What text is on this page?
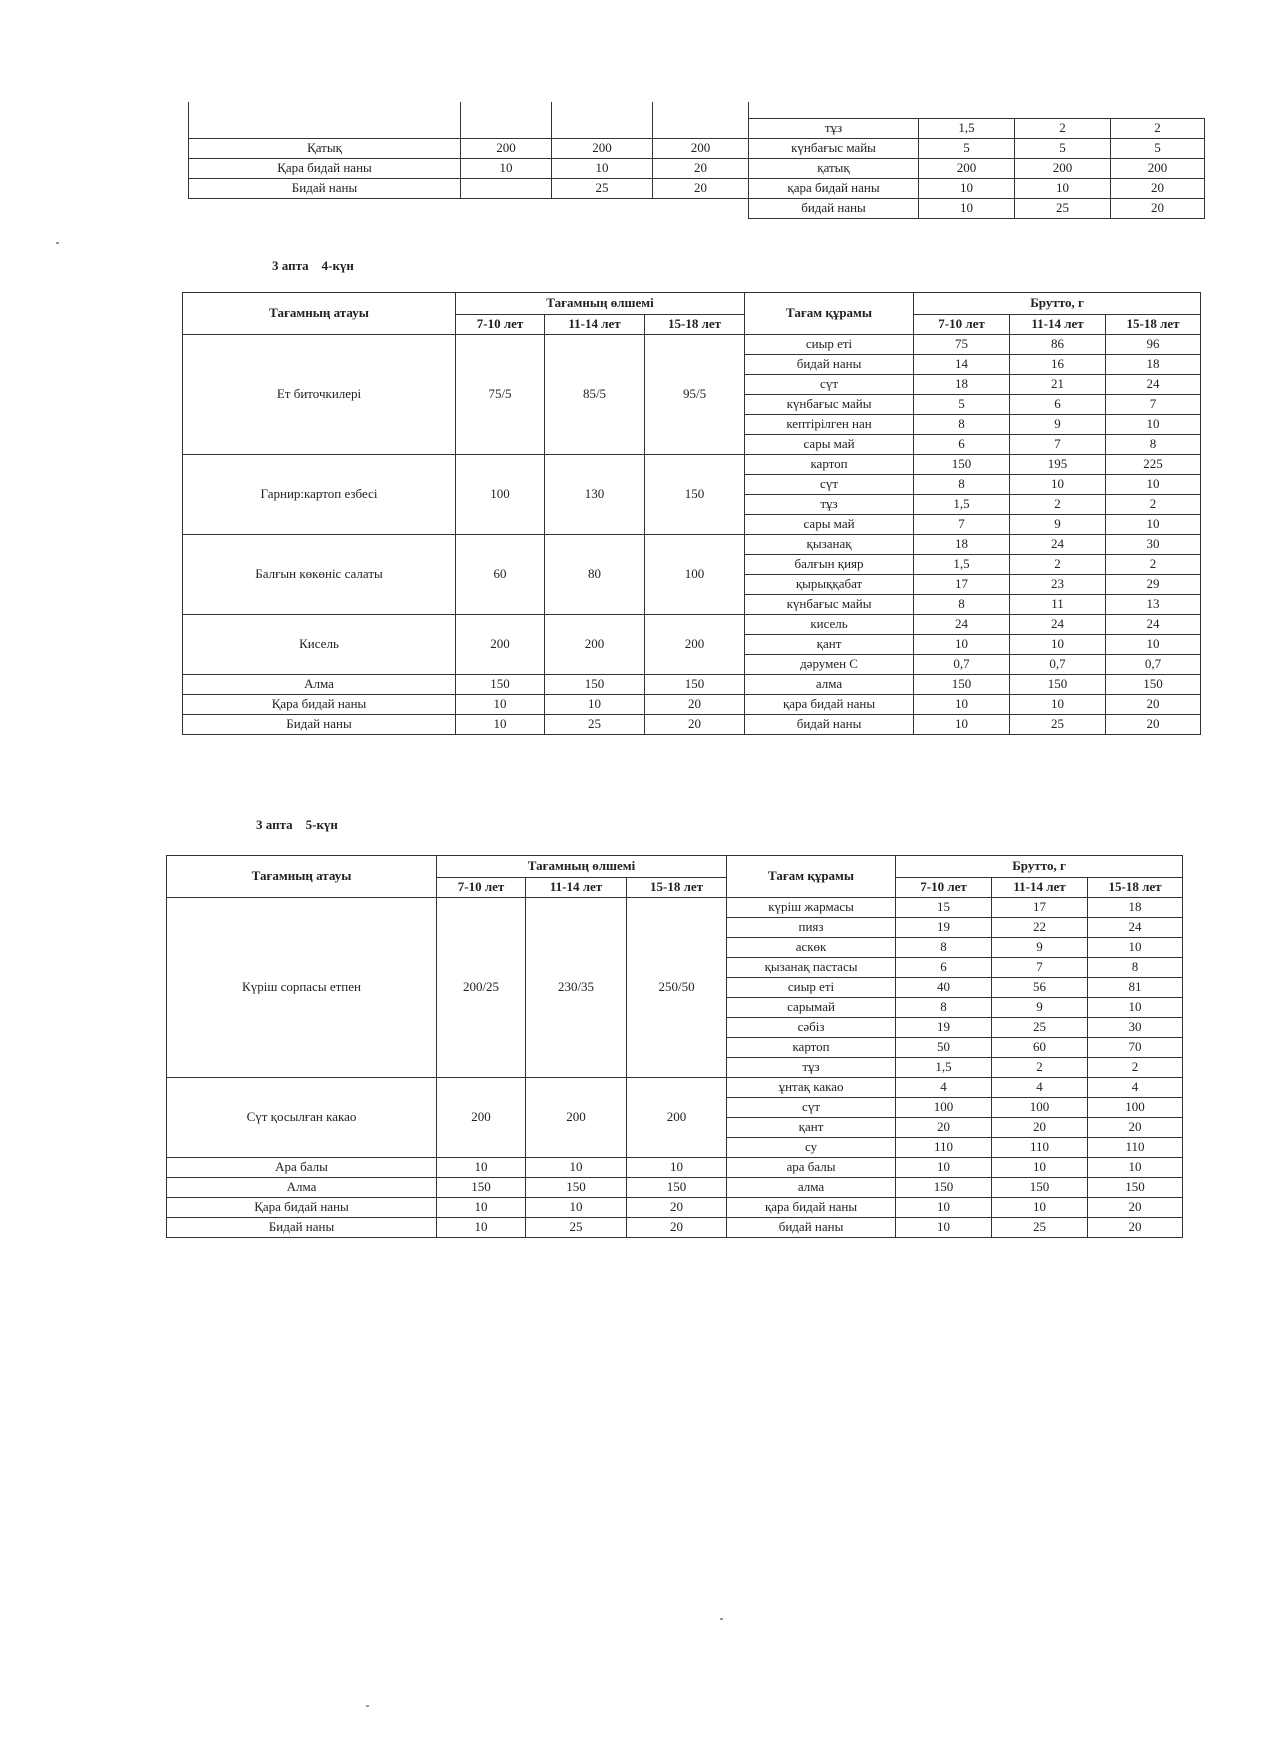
Қатық	200	200	200
Қара бидай наны	10	10	20
Бидай наны		25	20
тұз	1,5	2	2
күнбағыс майы	5	5	5
қатық	200	200	200
қара бидай наны	10	10	20
бидай наны	10	25	20
3 апта    4-күн
Тағамның атауы	Тағамның өлшемі			Тағам құрамы	Брутто, г		
	7-10 лет	11-14 лет	15-18 лет		7-10 лет	11-14 лет	15-18 лет
Ет биточкилері	75/5	85/5	95/5	сиыр еті	75	86	96
				бидай наны	14	16	18
				сүт	18	21	24
				күнбағыс майы	5	6	7
				кептірілген нан	8	9	10
				сары май	6	7	8
Гарнир:картоп езбесі	100	130	150	картоп	150	195	225
				сүт	8	10	10
				тұз	1,5	2	2
				сары май	7	9	10
Балғын көкөніс салаты	60	80	100	қызанақ	18	24	30
				балғын қияр	1,5	2	2
				қырыққабат	17	23	29
				күнбағыс майы	8	11	13
Кисель	200	200	200	кисель	24	24	24
				қант	10	10	10
				дәрумен С	0,7	0,7	0,7
Алма	150	150	150	алма	150	150	150
Қара бидай наны	10	10	20	қара бидай наны	10	10	20
Бидай наны	10	25	20	бидай наны	10	25	20
3 апта    5-күн
Тағамның атауы	Тағамның өлшемі			Тағам құрамы	Брутто, г		
	7-10 лет	11-14 лет	15-18 лет		7-10 лет	11-14 лет	15-18 лет
Күріш сорпасы етпен	200/25	230/35	250/50	күріш жармасы	15	17	18
				пияз	19	22	24
				аскөк	8	9	10
				қызанақ пастасы	6	7	8
				сиыр еті	40	56	81
				сарымай	8	9	10
				сәбіз	19	25	30
				картоп	50	60	70
				тұз	1,5	2	2
Сүт қосылған какао	200	200	200	ұнтақ какао	4	4	4
				сүт	100	100	100
				қант	20	20	20
				су	110	110	110
Ара балы	10	10	10	ара балы	10	10	10
Алма	150	150	150	алма	150	150	150
Қара бидай наны	10	10	20	қара бидай наны	10	10	20
Бидай наны	10	25	20	бидай наны	10	25	20
